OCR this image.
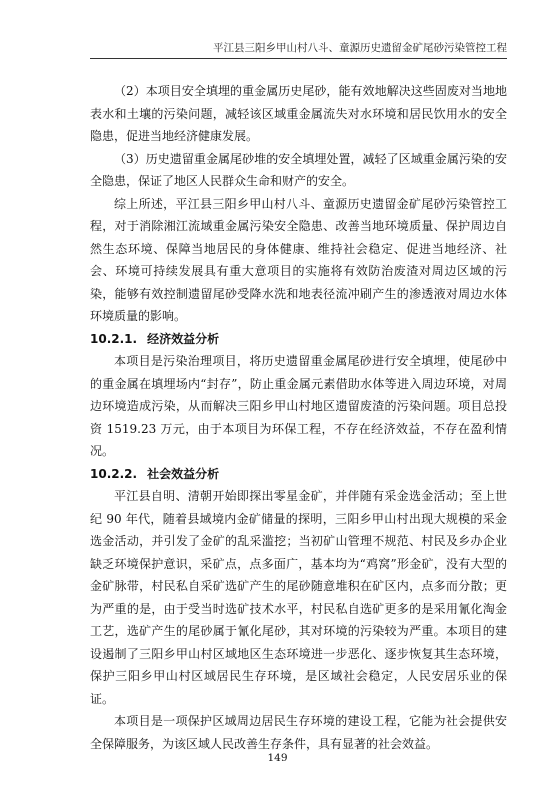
平江县三阳乡甲山村八斗、童源历史遗留金矿尾砂污染管控工程

（2）本项目安全填埋的重金属历史尾砂，能有效地解决这些固废对当地地表水和土壤的污染问题，减轻该区域重金属流失对水环境和居民饮用水的安全隐患，促进当地经济健康发展。

（3）历史遗留重金属尾砂堆的安全填埋处置，减轻了区域重金属污染的安全隐患，保证了地区人民群众生命和财产的安全。

综上所述，平江县三阳乡甲山村八斗、童源历史遗留金矿尾砂污染管控工程，对于消除湘江流域重金属污染安全隐患、改善当地环境质量、保护周边自然生态环境、保障当地居民的身体健康、维持社会稳定、促进当地经济、社会、环境可持续发展具有重大意项目的实施将有效防治废渣对周边区域的污染，能够有效控制遗留尾砂受降水洗和地表径流冲刷产生的渗透液对周边水体环境质量的影响。

10.2.1. 经济效益分析

本项目是污染治理项目，将历史遗留重金属尾砂进行安全填埋，使尾砂中的重金属在填埋场内“封存”，防止重金属元素借助水体等进入周边环境，对周边环境造成污染，从而解决三阳乡甲山村地区遗留废渣的污染问题。项目总投资 1519.23 万元，由于本项目为环保工程，不存在经济效益，不存在盈利情况。

10.2.2. 社会效益分析

平江县自明、清朝开始即探出零星金矿，并伴随有采金选金活动；至上世纪 90 年代，随着县域境内金矿储量的探明，三阳乡甲山村出现大规模的采金选金活动，并引发了金矿的乱采滥挖；当初矿山管理不规范、村民及乡办企业缺乏环境保护意识，采矿点，点多面广，基本均为“鸡窝”形金矿，没有大型的金矿脉带，村民私自采矿选矿产生的尾砂随意堆积在矿区内，点多而分散；更为严重的是，由于受当时选矿技术水平，村民私自选矿更多的是采用氰化淘金工艺，选矿产生的尾砂属于氰化尾砂，其对环境的污染较为严重。本项目的建设遏制了三阳乡甲山村区域地区生态环境进一步恶化、逐步恢复其生态环境，保护三阳乡甲山村区域居民生存环境，是区域社会稳定，人民安居乐业的保证。

本项目是一项保护区域周边居民生存环境的建设工程，它能为社会提供安全保障服务，为该区域人民改善生存条件，具有显著的社会效益。

149
